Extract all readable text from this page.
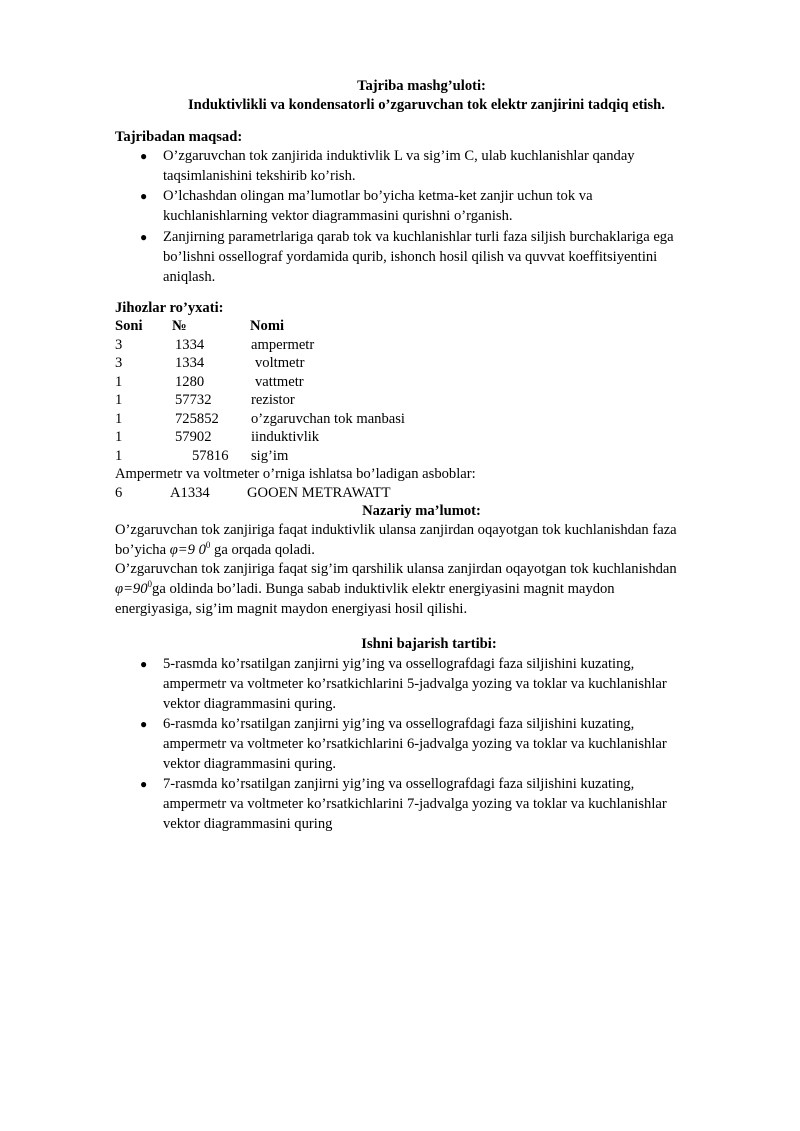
Tajriba mashg’uloti:
Induktivlikli va kondensatorli o’zgaruvchan tok elektr zanjirini tadqiq etish.
Tajribadan maqsad:
● O’zgaruvchan tok zanjirida induktivlik L va sig’im C, ulab kuchlanishlar qanday
taqsimlanishini tekshirib ko’rish.
● O’lchashdan olingan ma’lumotlar bo’yicha ketma-ket zanjir uchun tok va
kuchlanishlarning vektor diagrammasini qurishni o’rganish.
● Zanjirning parametrlariga qarab tok va kuchlanishlar turli faza siljish burchaklariga ega
bo’lishni ossellograf yordamida qurib, ishonch hosil qilish va quvvat koeffitsiyentini
aniqlash.
Jihozlar ro’yxati:
Soni №	Nomi
3	1334	ampermetr
3	1334	voltmetr
1	1280	vattmetr
1	57732	rezistor
1	725852 o’zgaruvchan tok manbasi
1	57902	iinduktivlik
1	57816 sig’im
Ampermetr va voltmeter o’rniga ishlatsa bo’ladigan asboblar:
6	A1334	GOOEN METRAWATT
Nazariy ma’lumot:
O’zgaruvchan tok zanjiriga faqat induktivlik ulansa zanjirdan oqayotgan tok kuchlanishdan faza
bo’yicha φ=9 $0^0$ ga orqada qoladi.
O’zgaruvchan tok zanjiriga faqat sig’im qarshilik ulansa zanjirdan oqayotgan tok kuchlanishdan
$\varphi=90^0ga$ oldinda bo’ladi. Bunga sabab induktivlik elektr energiyasini magnit maydon
energiyasiga, sig’im magnit maydon energiyasi hosil qilishi.
Ishni bajarish tartibi:
● 5-rasmda ko’rsatilgan zanjirni yig’ing va ossellografdagi faza siljishini kuzating,
ampermetr va voltmeter ko’rsatkichlarini 5-jadvalga yozing va toklar va kuchlanishlar
vektor diagrammasini quring.
● 6-rasmda ko’rsatilgan zanjirni yig’ing va ossellografdagi faza siljishini kuzating,
ampermetr va voltmeter ko’rsatkichlarini 6-jadvalga yozing va toklar va kuchlanishlar
vektor diagrammasini quring.
● 7-rasmda ko’rsatilgan zanjirni yig’ing va ossellografdagi faza siljishini kuzating,
ampermetr va voltmeter ko’rsatkichlarini 7-jadvalga yozing va toklar va kuchlanishlar
vektor diagrammasini quring
